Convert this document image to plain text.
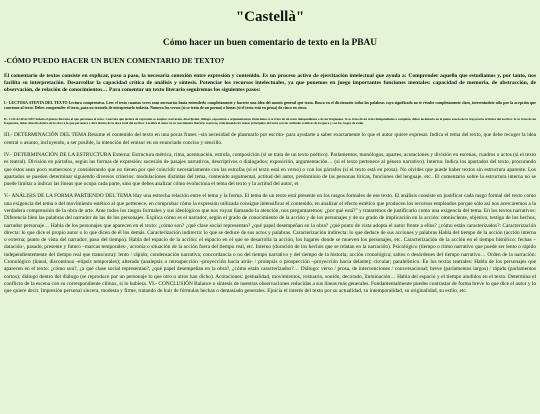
"Castellà"
Cómo hacer un buen comentario de texto en la PBAU
-CÓMO PUEDO HACER UN BUEN COMENTARIO DE TEXTO?

El comentario de textos consiste en explicar, paso a paso, la necesaria conexión entre expresión y contenido. Es un proceso activo de ejercitación intelectual que ayuda a: Comprender aquello que estudiamos y, por tanto, nos facilita su interpretación. Desarrollar la capacidad crítica de análisis y síntesis. Potenciar los recursos intelectuales, ya que ponemos en juego importantes funciones mentales: capacidad de memoria, de abstracción, de observación, de relación de conocimientos… Para comentar un texto literario seguiremos los siguientes pasos:

I.- LECTURA ATENTA DEL TEXTO Lectura comprensiva. Leer el texto cuantas veces sean necesarias hasta entenderlo completamente y hacerte una idea del asunto general que trata. Busca en el diccionario todas las palabras cuyo significado no te resulte completamente claro, interesándote sólo por la acepción que convenue al texto. Debes comprender el texto, para no tratarlo de interpretarlo todavía. Numera los versos (si se trata de un poema) o líneas (si el texto está en prosa) de cinco en cinco.

II.- LOCALIZACIÓN Señala el género literario al que pertenece el texto. Concreta qué técnica de expresión se emplea: narración, descripción, diálogo, exposición o argumentación. Determina si se trata de un texto independiente o de un fragmento. Si se trata de un texto independiente o completo, debes localizarlo en el punto exacto de la trayectoria artística del escritor. Si se trata de un fragmento, debes situarlo dentro de la obra a la que pertenece y dirá dentro de la obra total del escritor. Localiza el autor en su movimiento literario concreto, relacionando los temas principales del texto con las actitudes estéticas de la época y con los rasgos de estilo.

III.- DETERMINACIÓN DEL TEMA Resume el contenido del texto en una pocas frases –sin necesidad de plasmarlo por escrito- para ayudarte a saber exactamente lo que el autor quiere expresar. Indica el tema del texto, que debe recoger la idea central o asunto, incluyendo, a ser posible, la intención del emisor en un enunciado conciso y sencillo.

IV.- DETERMINACIÓN DE LA ESTRUCTURA Externa: Estructura métrica, rima, acentuación, estrofa, composición (si se trata de un texto poético). Parlamentos, monólogos, apartes, acotaciones y división en escenas, cuadros o actos (si el texto es teatral). División en párrafos, según las formas de expresión: sucesión de pasajes narrativos, descriptivos o dialogados; exposición, argumentación… (si el texto pertenece al género narrativo). Interna: Indica los apartados del texto, procurando que éstos sean poco numerosos y considerando que no tienen por qué coincidir necesariamente con las estrofas (si el texto está en verso) o con los párrafos (si el texto está en prosa). No olvides que puede haber textos sin estructura aparente. Los apartados se pueden determinar siguiendo diversos criterios: modulaciones distintas del tema, contenido argumental, actitud del autor, predominio de las personas líricas, funciones del lenguaje, etc.. El comentario sobre la estructura interna no se puede limitar a indicar las líneas que ocupa cada parte, sino que debes analizar cómo evoluciona el tema del texto y la actitud del autor, et

V.- ANÁLISIS DE LA FORMA PARTIENDO DEL TEMA Hay una estrecha relación entre el tema y la forma. El tema de un texto está presente en los rasgos formales de ese texto. El análisis consiste en justificar cada rasgo formal del texto como una exigencia del tema o del movimiento estético al que pertenece, en comprobar cómo la expresión utilizada consigue intensificar el contenido, en analizar el efecto estético que producen los recursos empleados porque sólo así nos acercaremos a la verdadera comprensión de la obra de arte. Ante todos los rasgos formales y sus ideológicos que nos vayan llamando la atención, nos preguntaremos: ¿por qué está?" y trataremos de justificarlo como una exigencia del tema. En los textos narrativos: Diferencia bien las palabras del narrador de las de los personajes. Explica cómo es el narrador, según el grado de conocimiento de la acción y de los personajes y de su grado de implicación en la acción: omnisciente, objetivo, testigo de los hechos, narrador personaje… Habla de los personajes que aparecen en el texto: ¿cómo son? ¿qué clase social representan? ¿qué papel desempeñan en la obra? ¿qué punto de vista adopta el autor frente a ellos? ¿cómo están caracterizados?: Caracterización directa: lo que dice el propio autor o lo que dicen de él los demás. Caracterización indirecta: lo que se deduce de sus actos y palabras. Caracterización indirecta: lo que deduce de sus acciones y palabras Habla del tiempo de la acción (acción interna o externa; punto de vista del narrador; paso del tiempo). Habla del espacio de la acción: el espacio en el que se desarrolla la acción, los lugares donde se mueven los personajes, etc. Caracterización de la acción en el tiempo histórico: fechas –datación-, pasado, presente y futuro –marcas temporales-, ucronía o situación de la acción fuera del tiempo real, etc. Interno (duración de los hechos que se relatan en la narración). Psicológico (tiempo o ritmo narrativo que puede ser lento o rápido independientemente del tiempo real que transcurra): lento / rápido; condensación narrativa; concordancia o no del tiempo narrativo y del tiempo de la historia; acción cronológica; saltos o desórdenes del tiempo narrativo… Orden de la narración: Cronológico (lineal, discontinuo -elipsis temporales); alterado (analepsis o retrospección –proyección hacia atrás- / prolepsis o prospección –proyección hacia delante); circular; paralelístico. En los textos teatrales: Habla de los personajes que aparecen en el texto: ¿cómo son?, ¿a qué clase social representan?, ¿qué papel desempeñan en la obra?, ¿cómo están caracterizados?… Diálogo: verso / prosa, de intervenciones / conversacional; breve (parlamentos largos) / rápido (parlamentos cortos); diálogo dentro del diálogo (se reproduce por un personaje lo que otro u otros han dicho). Acotaciones: gestualidad, movimientos, vestuario, sonido, decorado, iluminación… Habla del espacio y el tiempo aludidos en el texto. Determina el conflicto de la escena con su correspondiente clímax, si lo hubiera. VI.- CONCLUSIÓN Balance o síntesis de nuestras observaciones reducidas a sus líneas más generales. Fundamentalmente puedes contrastar de forma breve lo que dice el autor y lo que quiere decir. Impresión personal sincera, modesta y firme, tratando de huir de fórmulas hechas o demasiado generales. Ejuicia el interés del texto por su actualidad, su intemporalidad, su originalidad, su estilo, etc.
